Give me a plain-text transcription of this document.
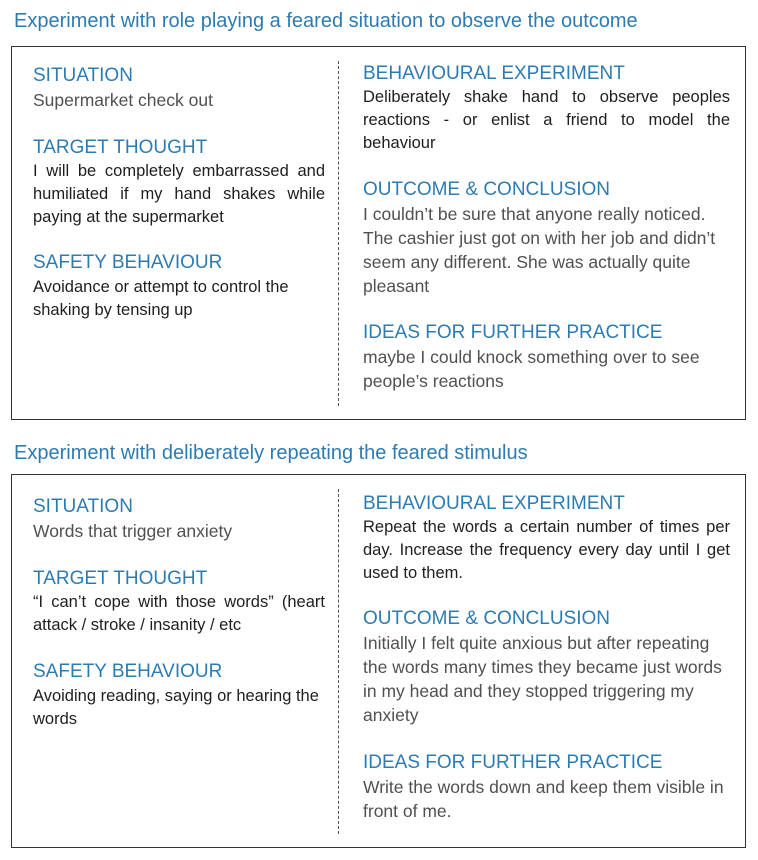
Experiment with role playing a feared situation to observe the outcome

SITUATION

Supermarket check out

TARGET THOUGHT

I will be completely embarrassed and humiliated if my hand shakes while paying at the supermarket

SAFETY BEHAVIOUR

Avoidance or attempt to control the shaking by tensing up

BEHAVIOURAL EXPERIMENT

Deliberately shake hand to observe peoples reactions - or enlist a friend to model the behaviour

OUTCOME & CONCLUSION

I couldn’t be sure that anyone really noticed. The cashier just got on with her job and didn’t seem any different. She was actually quite pleasant

IDEAS FOR FURTHER PRACTICE

maybe I could knock something over to see people’s reactions

Experiment with deliberately repeating the feared stimulus

SITUATION

Words that trigger anxiety

TARGET THOUGHT

“I can’t cope with those words” (heart attack / stroke / insanity / etc

SAFETY BEHAVIOUR

Avoiding reading, saying or hearing the words

BEHAVIOURAL EXPERIMENT

Repeat the words a certain number of times per day. Increase the frequency every day until I get used to them.

OUTCOME & CONCLUSION

Initially I felt quite anxious but after repeating the words many times they became just words in my head and they stopped triggering my anxiety

IDEAS FOR FURTHER PRACTICE

Write the words down and keep them visible in front of me.
